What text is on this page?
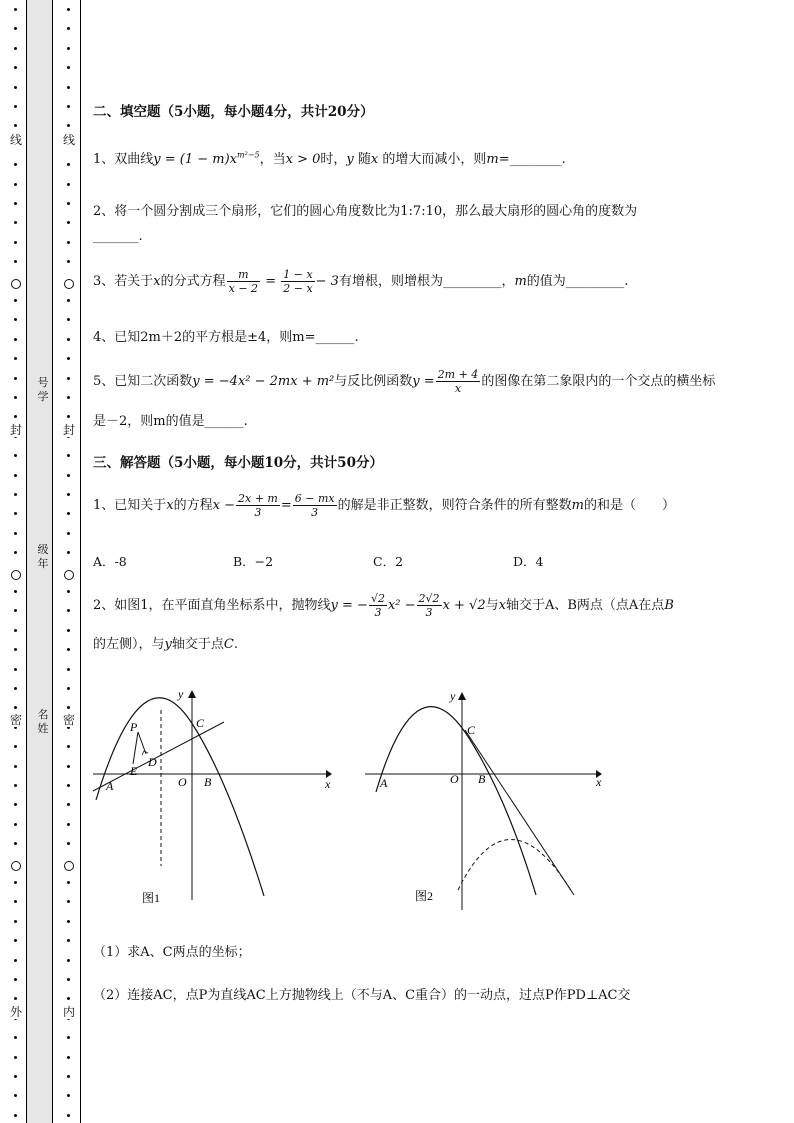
线
封
密
外
线
封
密
内
号学
级年
名姓
二、填空题（5小题，每小题4分，共计20分）
1、双曲线$y = (1 - m)x^{m^2-5}$，当x > 0时，y 随x 的增大而减小，则m=________.
2、将一个圆分割成三个扇形，它们的圆心角度数比为1:7:10，那么最大扇形的圆心角的度数为
_______.
3、若关于x的分式方程 $\frac{m}{x - 2} = \frac{1 - x}{2 - x} - 3$有增根，则增根为_________，m的值为_________.
4、已知2m＋2的平方根是±4，则m=______.
5、已知二次函数y = −4x² − 2mx + m²与反比例函数$y = \frac{2m + 4}{x}$ 的图像在第二象限内的一个交点的横坐标
是－2，则m的值是______.
三、解答题（5小题，每小题10分，共计50分）
1、已知关于x的方程$x - \frac{2x + m}{3} = \frac{6 - mx}{3}$ 的解是非正整数，则符合条件的所有整数m的和是（　　）
A．-8	B．−2	C．2	D．4
2、如图1，在平面直角坐标系中，抛物线y = − $\frac{√2}{3} x^2 - \frac{2√2}{3}$ x + √2与x轴交于A、B两点（点A在点B
的左侧），与y轴交于点C.
P	C
E
D
A	O B	x
y
图1
C
A	O B	x
y
图2
（1）求A、C两点的坐标；
（2）连接AC，点P为直线AC上方抛物线上（不与A、C重合）的一动点，过点P作PD⊥AC交
